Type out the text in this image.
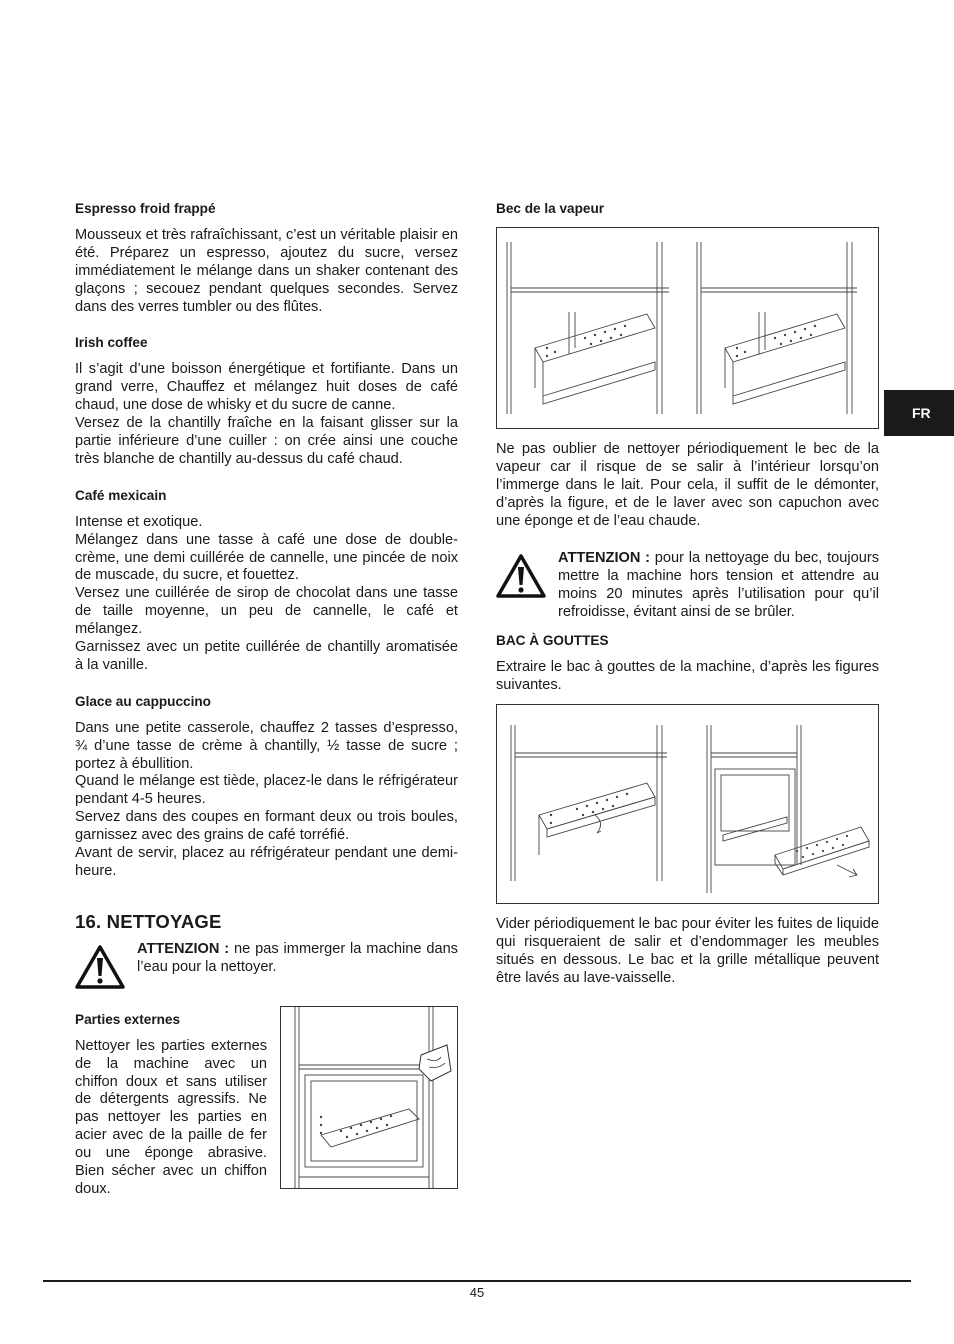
Espresso froid frappé

Mousseux et très rafraîchissant, c’est un véritable plaisir en été. Préparez un espresso, ajoutez du sucre, versez immédiatement le mélange dans un shaker contenant des glaçons ; secouez pendant quelques secondes. Servez dans des verres tumbler ou des flûtes.

Irish coffee

Il s’agit d’une boisson énergétique et fortifiante. Dans un grand verre, Chauffez et mélangez huit doses de café chaud, une dose de whisky et du sucre de canne.

Versez de la chantilly fraîche en la faisant glisser sur la partie inférieure d’une cuiller : on crée ainsi une couche très blanche de chantilly au-dessus du café chaud.

Café mexicain

Intense et exotique.

Mélangez dans une tasse à café une dose de double-crème, une demi cuillérée de cannelle, une pincée de noix de muscade, du sucre, et fouettez.

Versez une cuillérée de sirop de chocolat dans une tasse de taille moyenne, un peu de cannelle, le café et mélangez.

Garnissez avec un petite cuillérée de chantilly aromatisée à la vanille.

Glace au cappuccino

Dans une petite casserole, chauffez 2 tasses d’espresso, ¾ d’une tasse de crème à chantilly, ½ tasse de sucre ; portez à ébullition.

Quand le mélange est tiède, placez-le dans le réfrigérateur pendant 4-5 heures.

Servez dans des coupes en formant deux ou trois boules, garnissez avec des grains de café torréfié.

Avant de servir, placez au réfrigérateur pendant une demi-heure.

16. NETTOYAGE
ATTENZION : ne pas immerger la machine dans l’eau pour la nettoyer.
Parties externes

Nettoyer les parties externes de la machine avec un chiffon doux et sans utiliser de détergents agressifs. Ne pas nettoyer les parties en acier avec de la paille de fer ou une éponge abrasive. Bien sécher avec un chiffon doux.

Bec de la vapeur

Ne pas oublier de nettoyer périodiquement le bec de la vapeur car il risque de se salir à l’intérieur lorsqu’on l’immerge dans le lait. Pour cela, il suffit de le démonter, d’après la figure, et de le laver avec son capuchon avec une éponge et de l’eau chaude.

ATTENZION : pour la nettoyage du bec, toujours mettre la machine hors tension et attendre au moins 20 minutes après l’utilisation pour qu’il refroidisse, évitant ainsi de se brûler.
BAC À GOUTTES

Extraire le bac à gouttes de la machine, d’après les figures suivantes.

Vider périodiquement le bac pour éviter les fuites de liquide qui risqueraient de salir et d’endommager les meubles situés en dessous. Le bac et la grille métallique peuvent être lavés au lave-vaisselle.

FR
45
